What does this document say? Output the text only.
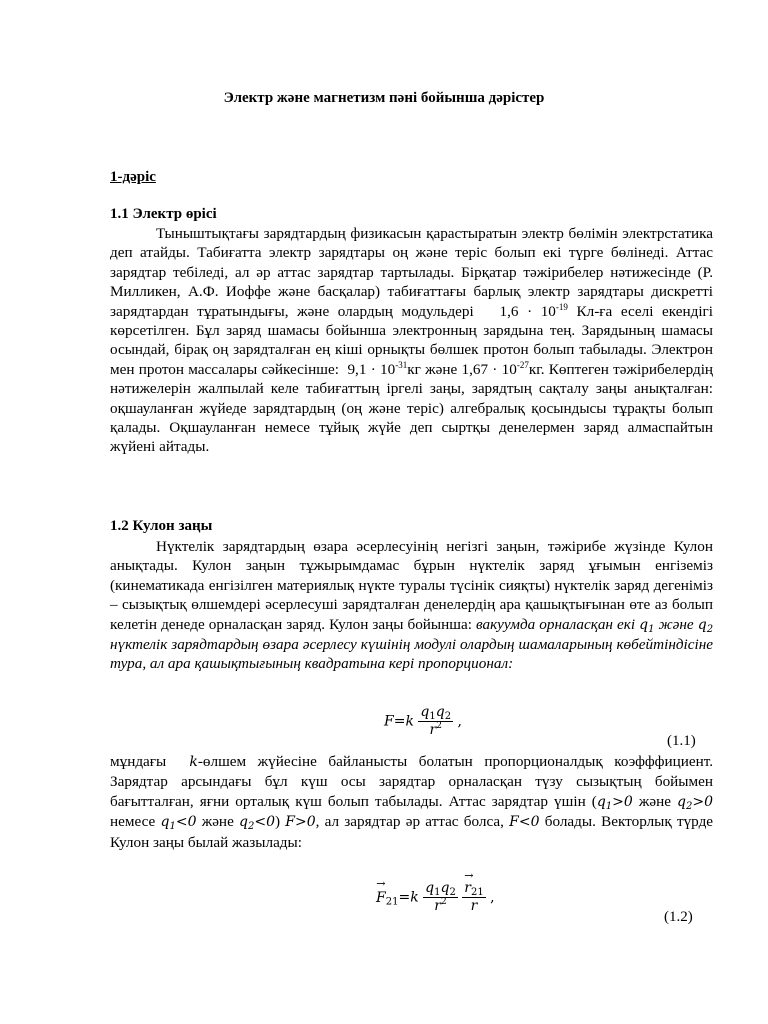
Электр және магнетизм пәні бойынша дәрістер
1-дәріс
1.1 Электр өрісі

Тыныштықтағы зарядтардың физикасын қарастыратын электр бөлімін электрстатика деп атайды. Табиғатта электр зарядтары оң және теріс болып екі түрге бөлінеді. Аттас зарядтар тебіледі, ал әр аттас зарядтар тартылады. Бірқатар тәжірибелер нәтижесінде (Р. Милликен, А.Ф. Иоффе және басқалар) табиғаттағы барлық электр зарядтары дискретті зарядтардан тұратындығы, және олардың модульдері $1,6 \cdot 10^{-19}$ Кл-ға еселі екендігі көрсетілген. Бұл заряд шамасы бойынша электронның зарядына тең. Зарядының шамасы осындай, бірақ оң зарядталған ең кіші орнықты бөлшек протон болып табылады. Электрон мен протон массалары сәйкесінше: $9,1 \cdot 10^{-31}кг$ және $1,67 \cdot 10^{-27}кг$. Көптеген тәжірибелердің нәтижелерін жалпылай келе табиғаттың іргелі заңы, зарядтың сақталу заңы анықталған: оқшауланған жүйеде зарядтардың (оң және теріс) алгебралық қосындысы тұрақты болып қалады. Оқшауланған немесе тұйық жүйе деп сыртқы денелермен заряд алмаспайтын жүйені айтады.

1.2 Кулон заңы

Нүктелік зарядтардың өзара әсерлесуінің негізгі заңын, тәжірибе жүзінде Кулон анықтады. Кулон заңын тұжырымдамас бұрын нүктелік заряд ұғымын енгіземіз (кинематикада енгізілген материялық нүкте туралы түсінік сияқты) нүктелік заряд дегеніміз – сызықтық өлшемдері әсерлесуші зарядталған денелердің ара қашықтығынан өте аз болып келетін денеде орналасқан заряд. Кулон заңы бойынша: вакуумда орналасқан екі $q_1$ және $q_2$ нүктелік зарядтардың өзара әсерлесу күшінің модулі олардың шамаларының көбейтіндісіне тура, ал ара қашықтығының квадратына кері пропорционал:

$F=k \frac{q_1q_2}{r^2}$ ,
(1.1)

мұндағы k-өлшем жүйесіне байланысты болатын пропорционалдық коэфффициент. Зарядтар арсындағы бұл күш осы зарядтар орналасқан түзу сызықтың бойымен бағытталған, яғни орталық күш болып табылады. Аттас зарядтар үшін ($q_1>0$ және $q_2>0$ немесе $q_1<0$ және $q_2<0$) F>0, ал зарядтар әр аттас болса, F<0 болады. Векторлық түрде Кулон заңы былай жазылады:

→ $F_{21}=k \frac{q_1q_2}{r^2}$

→ $\frac{r_{21}}{r}$ ,
(1.2)
